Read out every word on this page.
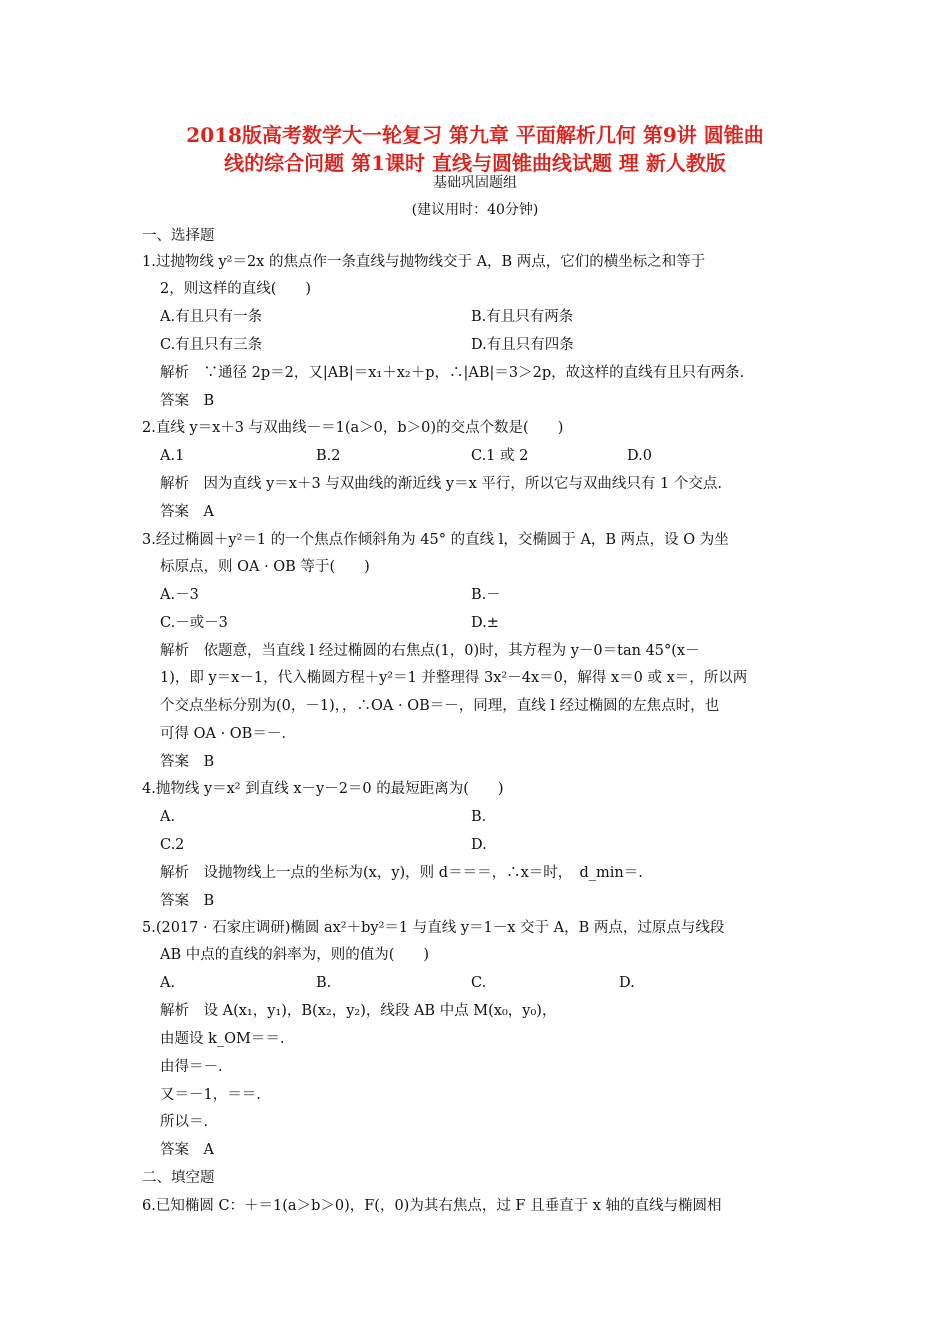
2018版高考数学大一轮复习 第九章 平面解析几何 第9讲 圆锥曲
线的综合问题 第1课时 直线与圆锥曲线试题 理 新人教版
基础巩固题组
(建议用时：40分钟)
一、选择题
1.过抛物线 y²＝2x 的焦点作一条直线与抛物线交于 A，B 两点，它们的横坐标之和等于
2，则这样的直线(　　)
A.有且只有一条	B.有且只有两条
C.有且只有三条	D.有且只有四条
解析　∵通径 2p＝2，又|AB|＝x₁＋x₂＋p，∴|AB|＝3＞2p，故这样的直线有且只有两条.
答案　B
2.直线 y＝x＋3 与双曲线－＝1(a＞0，b＞0)的交点个数是(　　)
A.1	B.2	C.1 或 2	D.0
解析　因为直线 y＝x＋3 与双曲线的渐近线 y＝x 平行，所以它与双曲线只有 1 个交点.
答案　A
3.经过椭圆＋y²＝1 的一个焦点作倾斜角为 45° 的直线 l，交椭圆于 A，B 两点，设 O 为坐
标原点，则 OA · OB 等于(　　)
A.－3	B.－
C.－或－3	D.±
解析　依题意，当直线 l 经过椭圆的右焦点(1，0)时，其方程为 y－0＝tan 45°(x－
1)，即 y＝x－1，代入椭圆方程＋y²＝1 并整理得 3x²－4x＝0，解得 x＝0 或 x＝，所以两
个交点坐标分别为(0，－1)，，∴OA · OB＝－，同理，直线 l 经过椭圆的左焦点时，也
可得 OA · OB＝－.
答案　B
4.抛物线 y＝x² 到直线 x－y－2＝0 的最短距离为(　　)
A.	B.
C.2	D.
解析　设抛物线上一点的坐标为(x，y)，则 d＝＝＝，∴x＝时，　d_min＝.
答案　B
5.(2017 · 石家庄调研)椭圆 ax²＋by²＝1 与直线 y＝1－x 交于 A，B 两点，过原点与线段
AB 中点的直线的斜率为，则的值为(　　)
A.	B.	C.	D.
解析　设 A(x₁，y₁)，B(x₂，y₂)，线段 AB 中点 M(x₀，y₀)，
由题设 k_OM＝＝.
由得＝－.
又＝－1，＝＝.
所以＝.
答案　A
二、填空题
6.已知椭圆 C：＋＝1(a＞b＞0)，F(，0)为其右焦点，过 F 且垂直于 x 轴的直线与椭圆相
